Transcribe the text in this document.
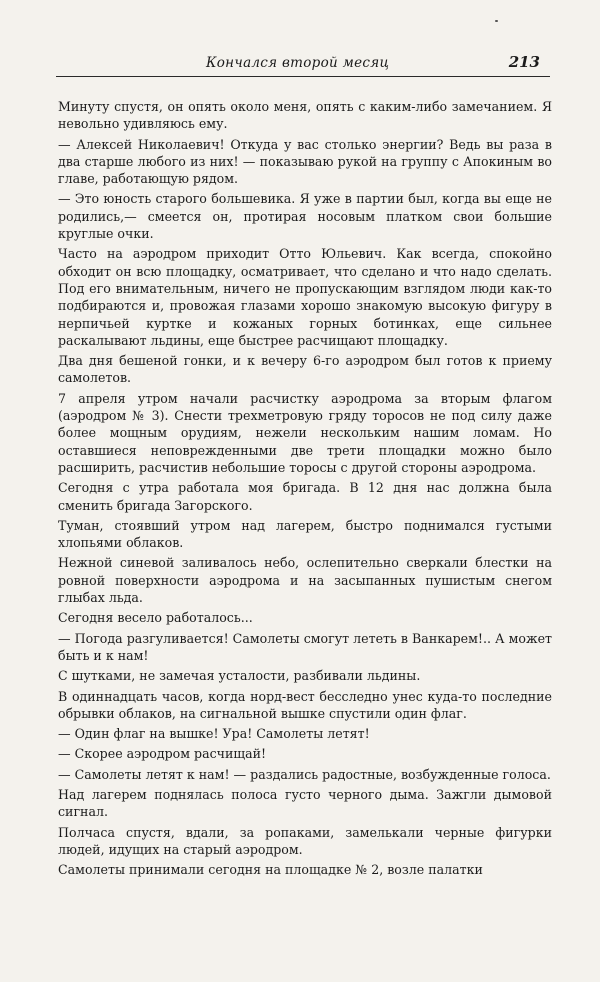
Кончался второй месяц	213

Минуту спустя, он опять около меня, опять с каким-либо замечанием. Я невольно удивляюсь ему.

— Алексей Николаевич! Откуда у вас столько энергии? Ведь вы раза в два старше любого из них! — показываю рукой на группу с Апокиным во главе, работающую рядом.

— Это юность старого большевика. Я уже в партии был, когда вы еще не родились,— смеется он, протирая носовым платком свои большие круглые очки.

Часто на аэродром приходит Отто Юльевич. Как всегда, спокойно обходит он всю площадку, осматривает, что сделано и что надо сделать. Под его внимательным, ничего не пропускающим взглядом люди как-то подбираются и, провожая глазами хорошо знакомую высокую фигуру в нерпичьей куртке и кожаных горных ботинках, еще сильнее раскалывают льдины, еще быстрее расчищают площадку.

Два дня бешеной гонки, и к вечеру 6-го аэродром был готов к приему самолетов.

7 апреля утром начали расчистку аэродрома за вторым флагом (аэродром № 3). Снести трехметровую гряду торосов не под силу даже более мощным орудиям, нежели нескольким нашим ломам. Но оставшиеся неповрежденными две трети площадки можно было расширить, расчистив небольшие торосы с другой стороны аэродрома.

Сегодня с утра работала моя бригада. В 12 дня нас должна была сменить бригада Загорского.

Туман, стоявший утром над лагерем, быстро поднимался густыми хлопьями облаков.

Нежной синевой заливалось небо, ослепительно сверкали блестки на ровной поверхности аэродрома и на засыпанных пушистым снегом глыбах льда.

Сегодня весело работалось...

— Погода разгуливается! Самолеты смогут лететь в Ванкарем!.. А может быть и к нам!

С шутками, не замечая усталости, разбивали льдины.

В одиннадцать часов, когда норд-вест бесследно унес куда-то последние обрывки облаков, на сигнальной вышке спустили один флаг.

— Один флаг на вышке! Ура! Самолеты летят!

— Скорее аэродром расчищай!

— Самолеты летят к нам! — раздались радостные, возбужденные голоса.

Над лагерем поднялась полоса густо черного дыма. Зажгли дымовой сигнал.

Полчаса спустя, вдали, за ропаками, замелькали черные фигурки людей, идущих на старый аэродром.

Самолеты принимали сегодня на площадке № 2, возле палатки
